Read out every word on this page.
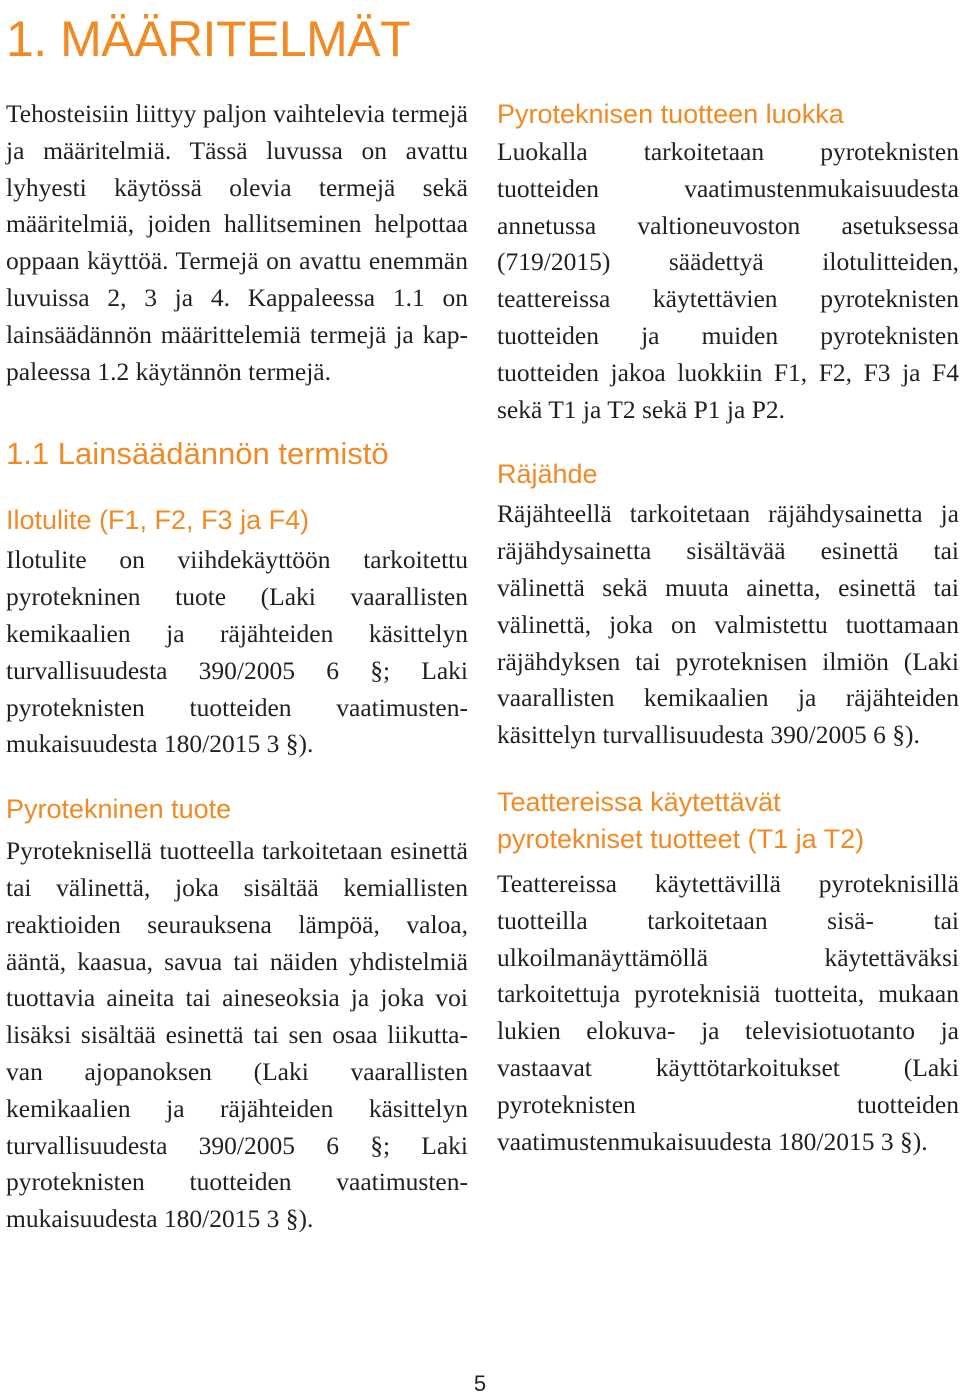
1. MÄÄRITELMÄT

Tehosteisiin liittyy paljon vaihtelevia termejä ja määritelmiä. Tässä luvussa on avattu lyhyesti käytössä olevia termejä sekä määritelmiä, joiden hallitseminen helpottaa oppaan käyttöä. Termejä on avattu enemmän luvuissa 2, 3 ja 4. Kappaleessa 1.1 on lainsäädännön määrittelemiä termejä ja kappaleessa 1.2 käytännön termejä.

1.1 Lainsäädännön termistö
Ilotulite (F1, F2, F3 ja F4)

Ilotulite on viihdekäyttöön tarkoitettu pyrotekninen tuote (Laki vaarallisten kemikaalien ja räjähteiden käsittelyn turvallisuudesta 390/2005 6 §; Laki pyroteknisten tuotteiden vaatimustenmukaisuudesta 180/2015 3 §).

Pyrotekninen tuote

Pyroteknisellä tuotteella tarkoitetaan esinettä tai välinettä, joka sisältää kemiallisten reaktioiden seurauksena lämpöä, valoa, ääntä, kaasua, savua tai näiden yhdistelmiä tuottavia aineita tai aineseoksia ja joka voi lisäksi sisältää esinettä tai sen osaa liikuttavan ajopanoksen (Laki vaarallisten kemikaalien ja räjähteiden käsittelyn turvallisuudesta 390/2005 6 §; Laki pyroteknisten tuotteiden vaatimustenmukaisuudesta 180/2015 3 §).

Pyroteknisen tuotteen luokka

Luokalla tarkoitetaan pyroteknisten tuotteiden vaatimustenmukaisuudesta annetussa valtioneuvoston asetuksessa (719/2015) säädettyä ilotulitteiden, teattereissa käytettävien pyroteknisten tuotteiden ja muiden pyroteknisten tuotteiden jakoa luokkiin F1, F2, F3 ja F4 sekä T1 ja T2 sekä P1 ja P2.

Räjähde

Räjähteellä tarkoitetaan räjähdysainetta ja räjähdysainetta sisältävää esinettä tai välinettä sekä muuta ainetta, esinettä tai välinettä, joka on valmistettu tuottamaan räjähdyksen tai pyroteknisen ilmiön (Laki vaarallisten kemikaalien ja räjähteiden käsittelyn turvallisuudesta 390/2005 6 §).

Teattereissa käytettävät
pyrotekniset tuotteet (T1 ja T2)

Teattereissa käytettävillä pyroteknisillä tuotteilla tarkoitetaan sisä- tai ulkoilmanäyttämöllä käytettäväksi tarkoitettuja pyroteknisiä tuotteita, mukaan lukien elokuva- ja televisiotuotanto ja vastaavat käyttötarkoitukset (Laki pyroteknisten tuotteiden vaatimustenmukaisuudesta 180/2015 3 §).

5
